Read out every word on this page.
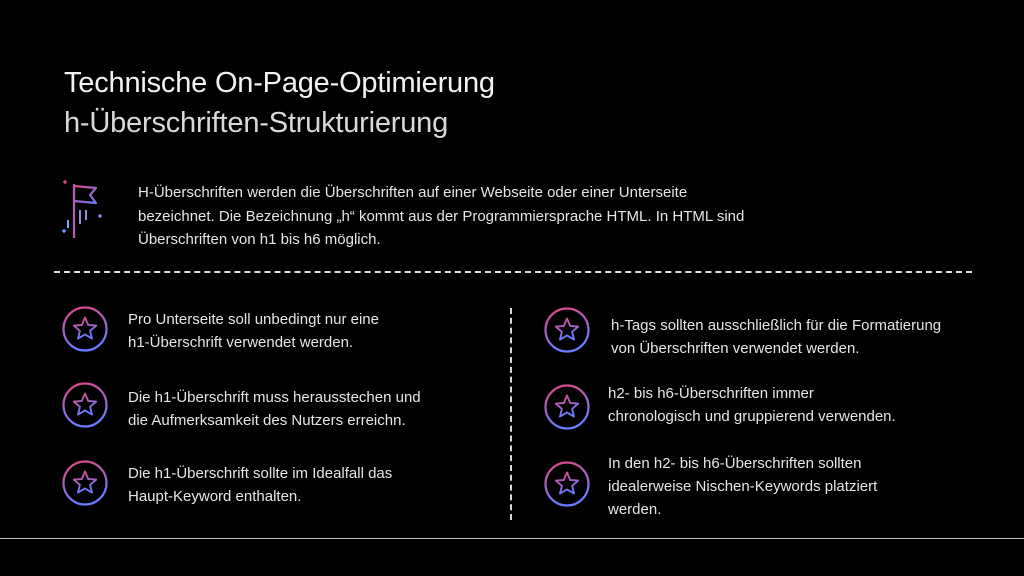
Technische On-Page-Optimierung
h-Überschriften-Strukturierung
H-Überschriften werden die Überschriften auf einer Webseite oder einer Unterseite
bezeichnet. Die Bezeichnung „h“ kommt aus der Programmiersprache HTML. In HTML sind
Überschriften von h1 bis h6 möglich.
Pro Unterseite soll unbedingt nur eine
h1-Überschrift verwendet werden.
Die h1-Überschrift muss herausstechen und
die Aufmerksamkeit des Nutzers erreichn.
Die h1-Überschrift sollte im Idealfall das
Haupt-Keyword enthalten.
h-Tags sollten ausschließlich für die Formatierung
von Überschriften verwendet werden.
h2- bis h6-Überschriften immer
chronologisch und gruppierend verwenden.
In den h2- bis h6-Überschriften sollten
idealerweise Nischen-Keywords platziert
werden.
